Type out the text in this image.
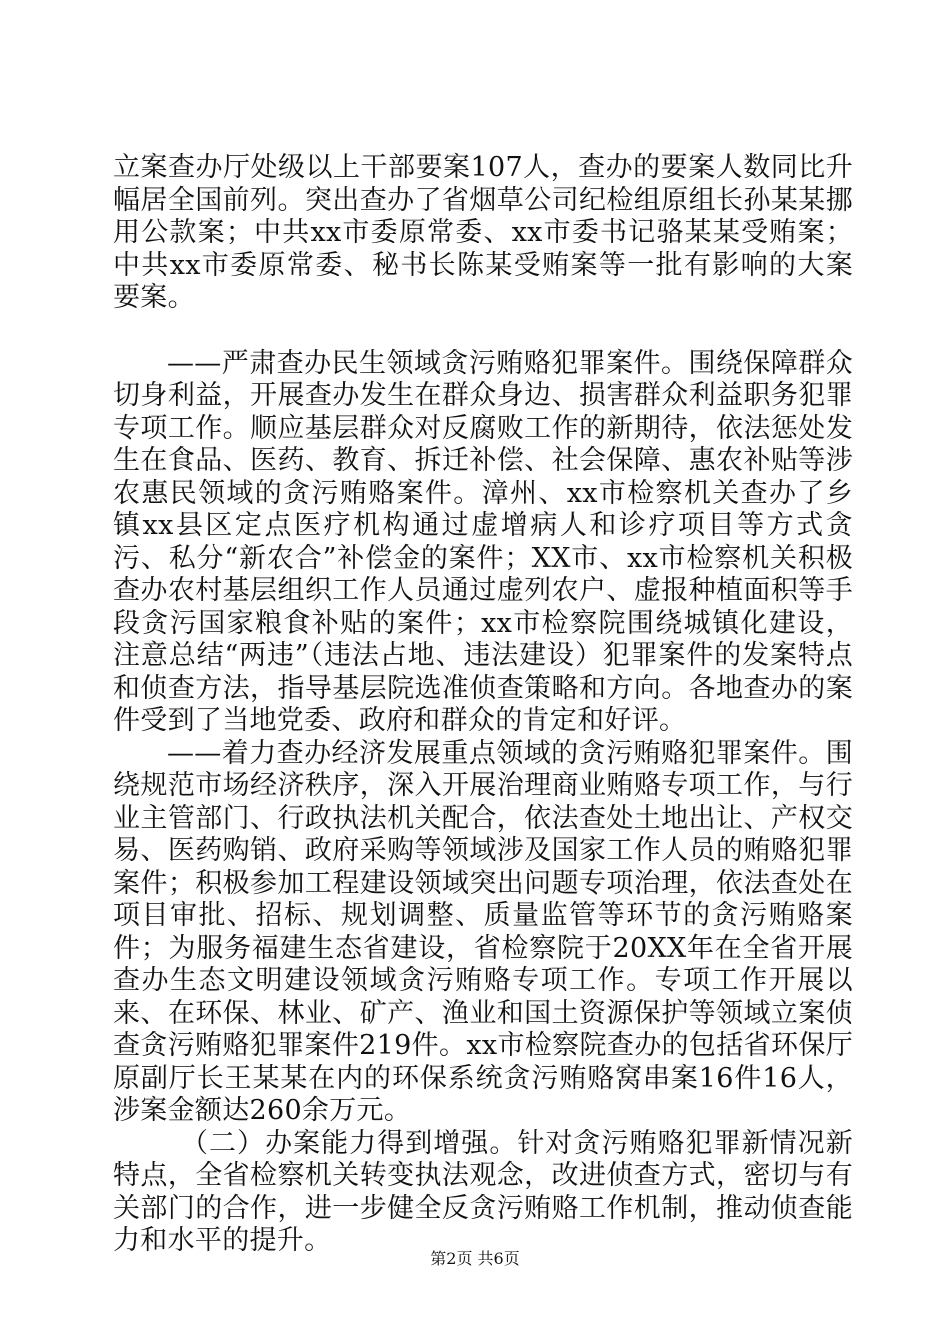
立案查办厅处级以上干部要案107人，查办的要案人数同比升幅居全国前列。突出查办了省烟草公司纪检组原组长孙某某挪用公款案；中共xx市委原常委、xx市委书记骆某某受贿案；中共xx市委原常委、秘书长陈某受贿案等一批有影响的大案要案。

——严肃查办民生领域贪污贿赂犯罪案件。围绕保障群众切身利益，开展查办发生在群众身边、损害群众利益职务犯罪专项工作。顺应基层群众对反腐败工作的新期待，依法惩处发生在食品、医药、教育、拆迁补偿、社会保障、惠农补贴等涉农惠民领域的贪污贿赂案件。漳州、xx市检察机关查办了乡镇xx县区定点医疗机构通过虚增病人和诊疗项目等方式贪污、私分“新农合”补偿金的案件；XX市、xx市检察机关积极查办农村基层组织工作人员通过虚列农户、虚报种植面积等手段贪污国家粮食补贴的案件；xx市检察院围绕城镇化建设，注意总结“两违”（违法占地、违法建设）犯罪案件的发案特点和侦查方法，指导基层院选准侦查策略和方向。各地查办的案件受到了当地党委、政府和群众的肯定和好评。

——着力查办经济发展重点领域的贪污贿赂犯罪案件。围绕规范市场经济秩序，深入开展治理商业贿赂专项工作，与行业主管部门、行政执法机关配合，依法查处土地出让、产权交易、医药购销、政府采购等领域涉及国家工作人员的贿赂犯罪案件；积极参加工程建设领域突出问题专项治理，依法查处在项目审批、招标、规划调整、质量监管等环节的贪污贿赂案件；为服务福建生态省建设，省检察院于20XX年在全省开展查办生态文明建设领域贪污贿赂专项工作。专项工作开展以来、在环保、林业、矿产、渔业和国土资源保护等领域立案侦查贪污贿赂犯罪案件219件。xx市检察院查办的包括省环保厅原副厅长王某某在内的环保系统贪污贿赂窝串案16件16人，涉案金额达260余万元。

（二）办案能力得到增强。针对贪污贿赂犯罪新情况新特点，全省检察机关转变执法观念，改进侦查方式，密切与有关部门的合作，进一步健全反贪污贿赂工作机制，推动侦查能力和水平的提升。

第2页 共6页
